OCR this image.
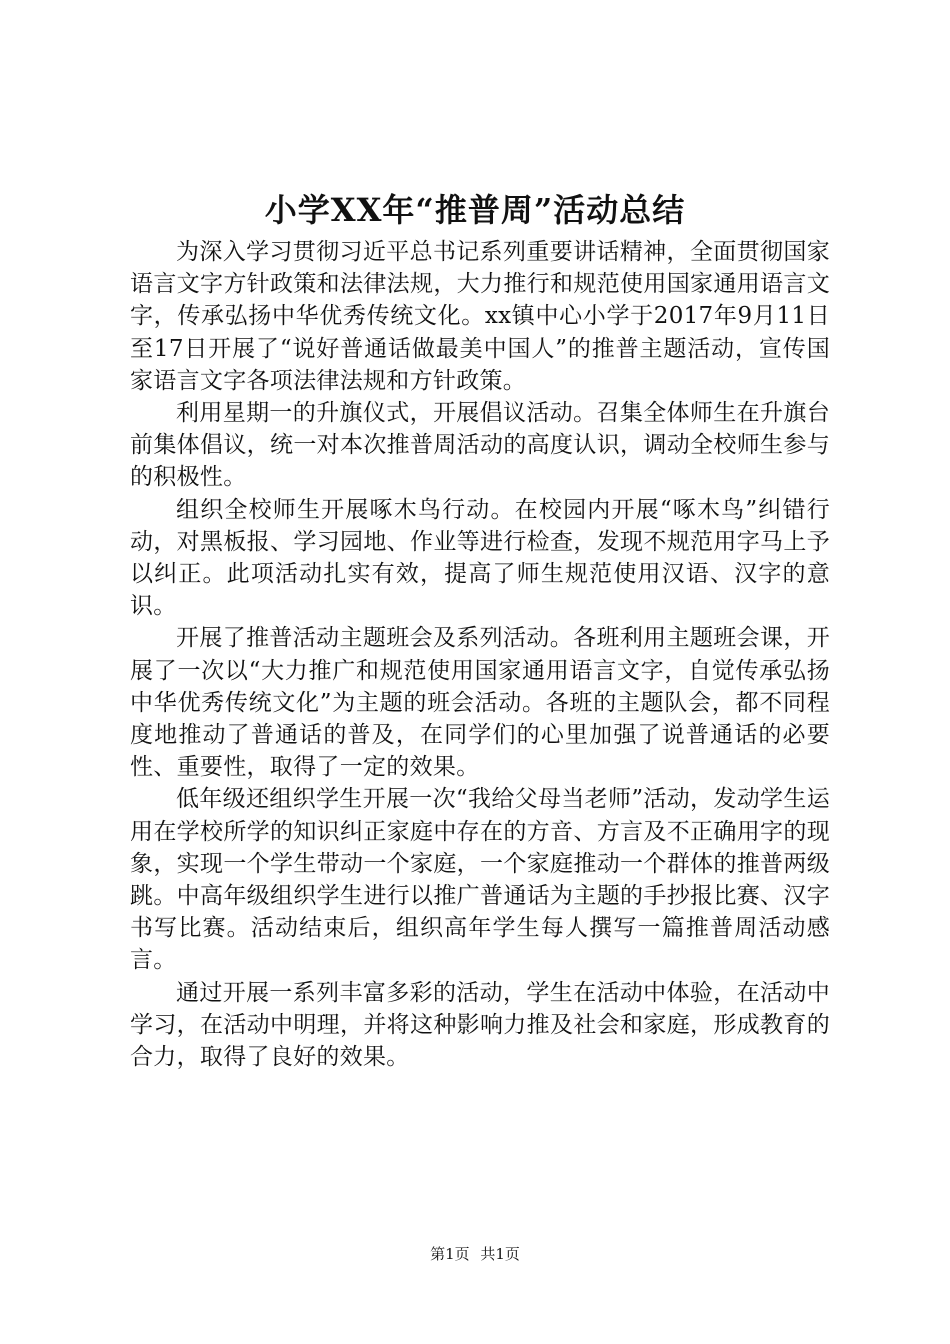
小学XX年“推普周”活动总结

为深入学习贯彻习近平总书记系列重要讲话精神，全面贯彻国家语言文字方针政策和法律法规，大力推行和规范使用国家通用语言文字，传承弘扬中华优秀传统文化。xx镇中心小学于2017年9月11日至17日开展了“说好普通话做最美中国人”的推普主题活动，宣传国家语言文字各项法律法规和方针政策。

利用星期一的升旗仪式，开展倡议活动。召集全体师生在升旗台前集体倡议，统一对本次推普周活动的高度认识，调动全校师生参与的积极性。

组织全校师生开展啄木鸟行动。在校园内开展“啄木鸟”纠错行动，对黑板报、学习园地、作业等进行检查，发现不规范用字马上予以纠正。此项活动扎实有效，提高了师生规范使用汉语、汉字的意识。

开展了推普活动主题班会及系列活动。各班利用主题班会课，开展了一次以“大力推广和规范使用国家通用语言文字，自觉传承弘扬中华优秀传统文化”为主题的班会活动。各班的主题队会，都不同程度地推动了普通话的普及，在同学们的心里加强了说普通话的必要性、重要性，取得了一定的效果。

低年级还组织学生开展一次“我给父母当老师”活动，发动学生运用在学校所学的知识纠正家庭中存在的方音、方言及不正确用字的现象，实现一个学生带动一个家庭，一个家庭推动一个群体的推普两级跳。中高年级组织学生进行以推广普通话为主题的手抄报比赛、汉字书写比赛。活动结束后，组织高年学生每人撰写一篇推普周活动感言。

通过开展一系列丰富多彩的活动，学生在活动中体验，在活动中学习，在活动中明理，并将这种影响力推及社会和家庭，形成教育的合力，取得了良好的效果。

第1页 共1页
